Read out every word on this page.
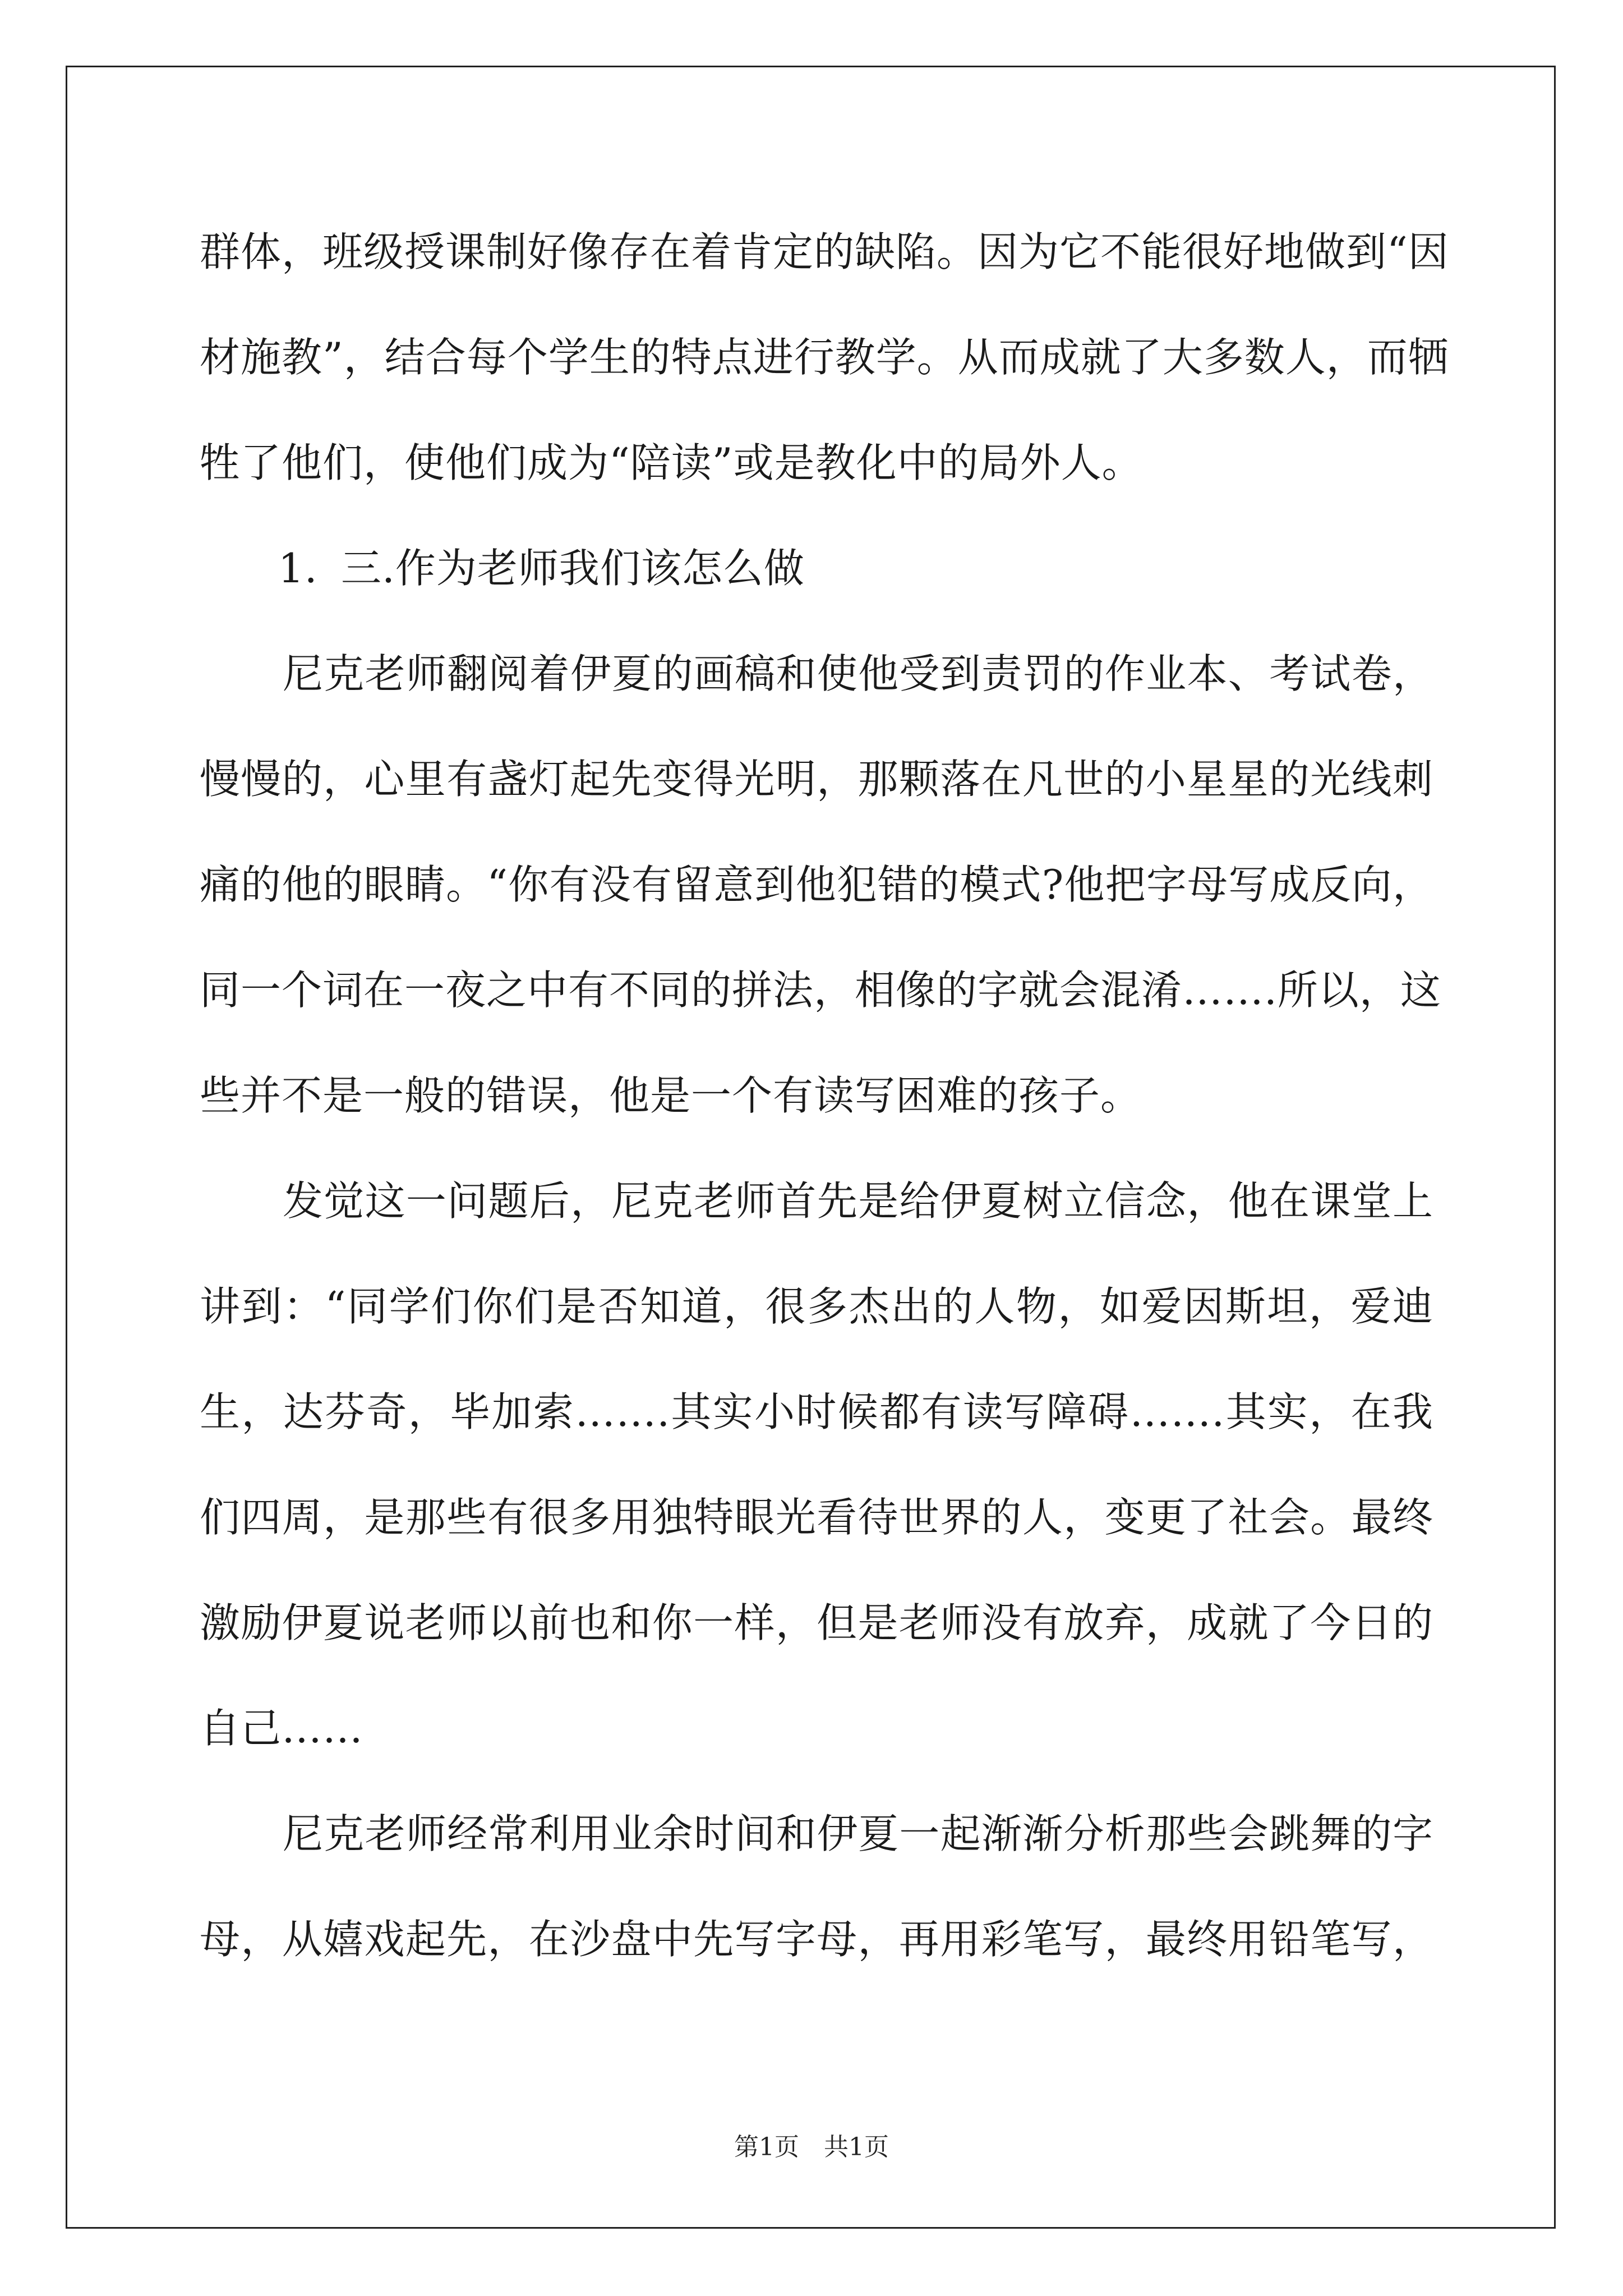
群体，班级授课制好像存在着肯定的缺陷。因为它不能很好地做到“因
材施教”，结合每个学生的特点进行教学。从而成就了大多数人，而牺
牲了他们，使他们成为“陪读”或是教化中的局外人。
1. 三.作为老师我们该怎么做
尼克老师翻阅着伊夏的画稿和使他受到责罚的作业本、考试卷，
慢慢的，心里有盏灯起先变得光明，那颗落在凡世的小星星的光线刺
痛的他的眼睛。“你有没有留意到他犯错的模式?他把字母写成反向，
同一个词在一夜之中有不同的拼法，相像的字就会混淆…….所以，这
些并不是一般的错误，他是一个有读写困难的孩子。
发觉这一问题后，尼克老师首先是给伊夏树立信念，他在课堂上
讲到：“同学们你们是否知道，很多杰出的人物，如爱因斯坦，爱迪
生，达芬奇，毕加索…….其实小时候都有读写障碍…….其实，在我
们四周，是那些有很多用独特眼光看待世界的人，变更了社会。最终
激励伊夏说老师以前也和你一样，但是老师没有放弃，成就了今日的
自己……
尼克老师经常利用业余时间和伊夏一起渐渐分析那些会跳舞的字
母，从嬉戏起先，在沙盘中先写字母，再用彩笔写，最终用铅笔写，
第1页 共1页
